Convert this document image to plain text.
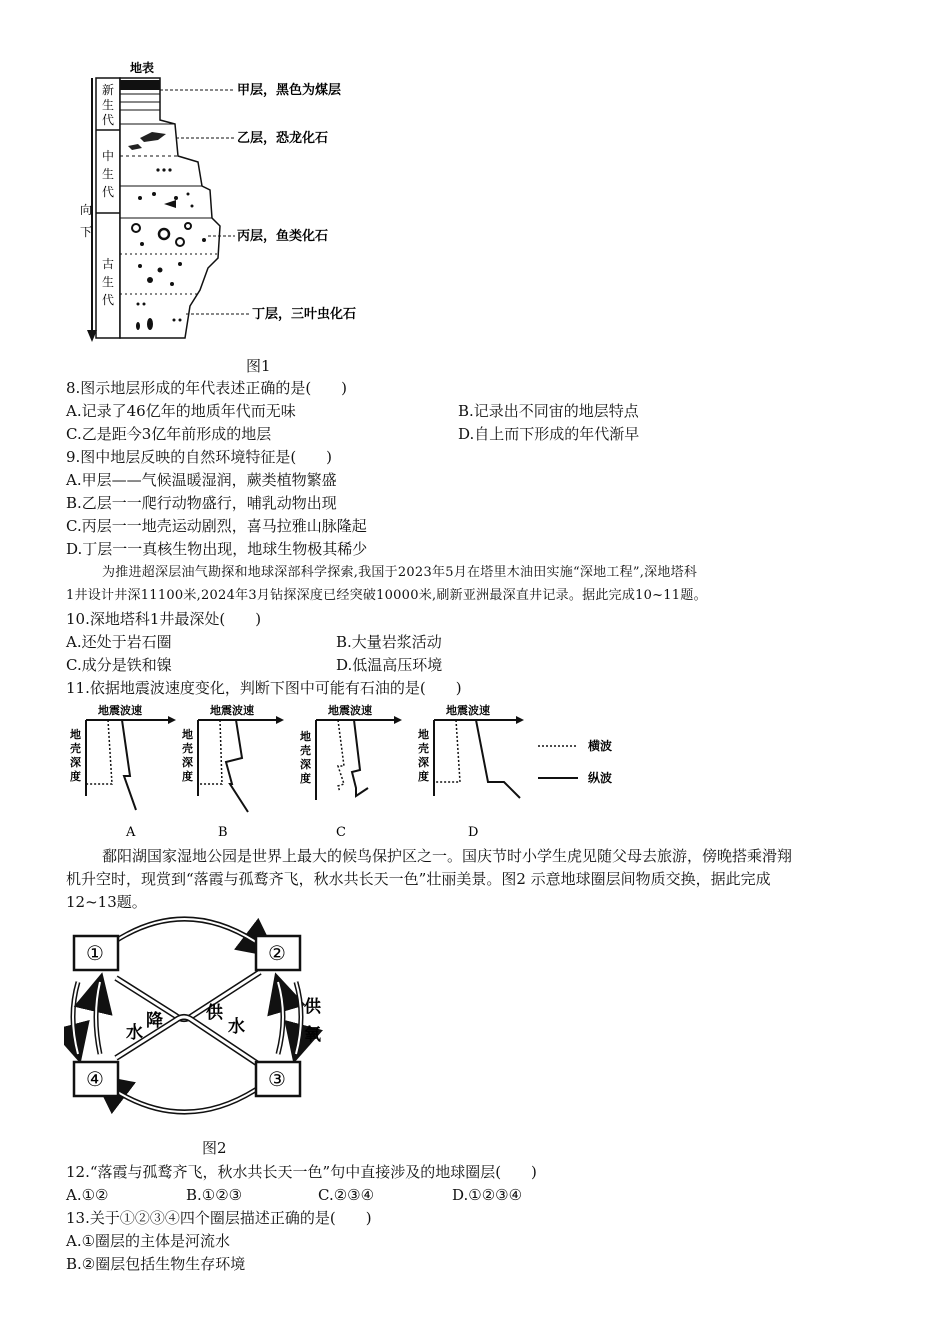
地表
新生代
中生代
古生代
向下
甲层，黑色为煤层
乙层，恐龙化石
丙层，鱼类化石
丁层，三叶虫化石
图1
8.图示地层形成的年代表述正确的是(　　)
A.记录了46亿年的地质年代而无味	B.记录出不同宙的地层特点
C.乙是距今3亿年前形成的地层	D.自上而下形成的年代渐早
9.图中地层反映的自然环境特征是(　　)
A.甲层——气候温暖湿润，蕨类植物繁盛
B.乙层一一爬行动物盛行，哺乳动物出现
C.丙层一一地壳运动剧烈，喜马拉雅山脉隆起
D.丁层一一真核生物出现，地球生物极其稀少
为推进超深层油气勘探和地球深部科学探索,我国于2023年5月在塔里木油田实施“深地工程”,深地塔科
1井设计井深11100米,2024年3月钻探深度已经突破10000米,刷新亚洲最深直井记录。据此完成10~11题。
10.深地塔科1井最深处(　　)
A.还处于岩石圈	B.大量岩浆活动
C.成分是铁和镍	D.低温高压环境
11.依据地震波速度变化，判断下图中可能有石油的是(　　)
地震波速
地壳深度
A
地震波速
地壳深度
B
地震波速
地壳深度
C
地震波速
地壳深度
D
横波
纵波
鄱阳湖国家湿地公园是世界上最大的候鸟保护区之一。国庆节时小学生虎见随父母去旅游，傍晚搭乘滑翔
机升空时，现赏到“落霞与孤鹜齐飞，秋水共长天一色”壮丽美景。图2 示意地球圈层间物质交换，据此完成
12~13题。
①	②
③
④
水
降	供
水
供氧
图2
12.“落霞与孤鹜齐飞，秋水共长天一色”句中直接涉及的地球圈层(　　)
A.①②	B.①②③	C.②③④	D.①②③④
13.关于①②③④四个圈层描述正确的是(　　)
A.①圈层的主体是河流水
B.②圈层包括生物生存环境
